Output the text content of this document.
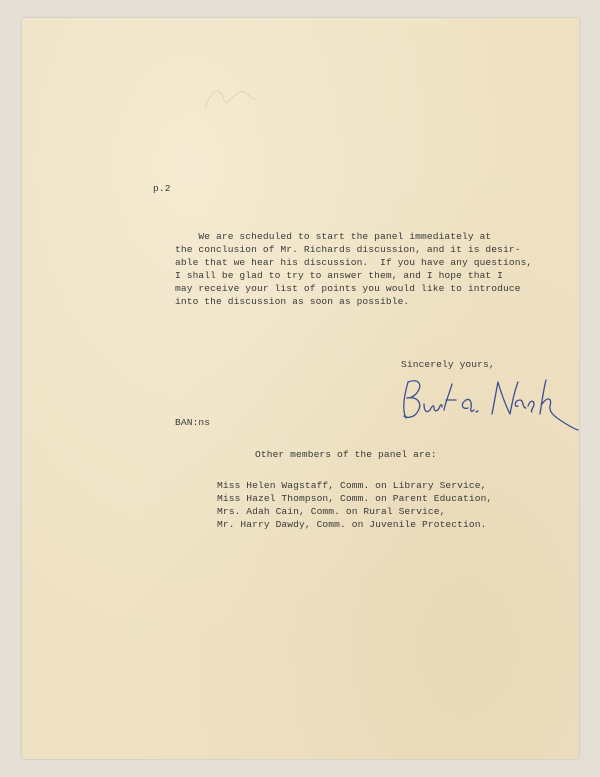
p.2
We are scheduled to start the panel immediately at
the conclusion of Mr. Richards discussion, and it is desir-
able that we hear his discussion.  If you have any questions,
I shall be glad to try to answer them, and I hope that I
may receive your list of points you would like to introduce
into the discussion as soon as possible.
Sincerely yours,
BAN:ns
Other members of the panel are:
Miss Helen Wagstaff, Comm. on Library Service,
Miss Hazel Thompson, Comm. on Parent Education,
Mrs. Adah Cain, Comm. on Rural Service,
Mr. Harry Dawdy, Comm. on Juvenile Protection.
